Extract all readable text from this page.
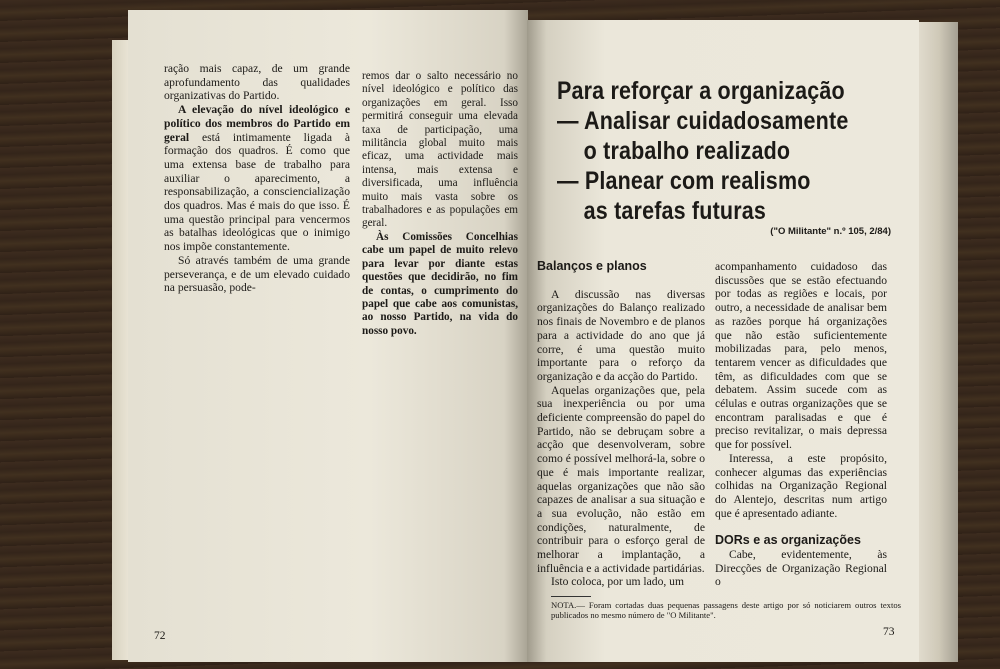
ração mais capaz, de um grande aprofundamento das qualidades organizativas do Partido.

A elevação do nível ideológico e político dos membros do Partido em geral está intimamente ligada à formação dos quadros. É como que uma extensa base de trabalho para auxiliar o aparecimento, a responsabilização, a consciencialização dos quadros. Mas é mais do que isso. É uma questão principal para vencermos as batalhas ideológicas que o inimigo nos impõe constantemente.

Só através também de uma grande perseverança, e de um elevado cuidado na persuasão, pode-

remos dar o salto necessário no nível ideológico e político das organizações em geral. Isso permitirá conseguir uma elevada taxa de participação, uma militância global muito mais eficaz, uma actividade mais intensa, mais extensa e diversificada, uma influência muito mais vasta sobre os trabalhadores e as populações em geral.

Às Comissões Concelhias cabe um papel de muito relevo para levar por diante estas questões que decidirão, no fim de contas, o cumprimento do papel que cabe aos comunistas, ao nosso Partido, na vida do nosso povo.

72
Para reforçar a organização
— Analisar cuidadosamente
o trabalho realizado
— Planear com realismo
as tarefas futuras
("O Militante" n.º 105, 2/84)

Balanços e planos

A discussão nas diversas organizações do Balanço realizado nos finais de Novembro e de planos para a actividade do ano que já corre, é uma questão muito importante para o reforço da organização e da acção do Partido.

Aquelas organizações que, pela sua inexperiência ou por uma deficiente compreensão do papel do Partido, não se debruçam sobre a acção que desenvolveram, sobre como é possível melhorá-la, sobre o que é mais importante realizar, aquelas organizações que não são capazes de analisar a sua situação e a sua evolução, não estão em condições, naturalmente, de contribuir para o esforço geral de melhorar a implantação, a influência e a actividade partidárias.

Isto coloca, por um lado, um

acompanhamento cuidadoso das discussões que se estão efectuando por todas as regiões e locais, por outro, a necessidade de analisar bem as razões porque há organizações que não estão suficientemente mobilizadas para, pelo menos, tentarem vencer as dificuldades que têm, as dificuldades com que se debatem. Assim sucede com as células e outras organizações que se encontram paralisadas e que é preciso revitalizar, o mais depressa que for possível.

Interessa, a este propósito, conhecer algumas das experiências colhidas na Organização Regional do Alentejo, descritas num artigo que é apresentado adiante.

DORs e as organizações

Cabe, evidentemente, às Direcções de Organização Regional o

NOTA.— Foram cortadas duas pequenas passagens deste artigo por só noticiarem outros textos publicados no mesmo número de "O Militante".
73
